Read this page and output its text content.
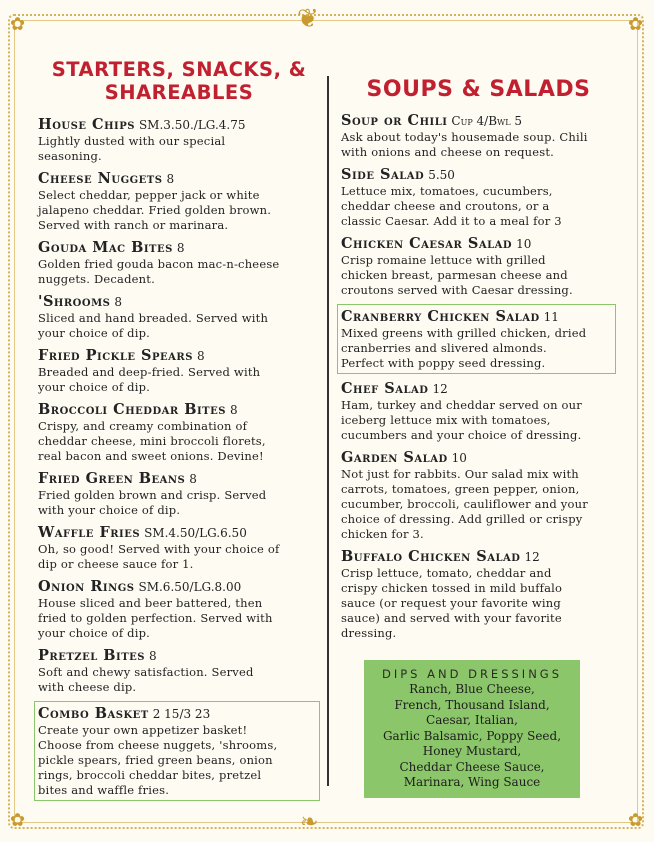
❦
❧
✿	✿
✿	✿
STARTERS, SNACKS, &
SHAREABLES
House Chips SM.3.50./LG.4.75
Lightly dusted with our special
seasoning.
Cheese Nuggets 8
Select cheddar, pepper jack or white
jalapeno cheddar. Fried golden brown.
Served with ranch or marinara.
Gouda Mac Bites 8
Golden fried gouda bacon mac-n-cheese
nuggets. Decadent.
'Shrooms 8
Sliced and hand breaded. Served with
your choice of dip.
Fried Pickle Spears 8
Breaded and deep-fried. Served with
your choice of dip.
Broccoli Cheddar Bites 8
Crispy, and creamy combination of
cheddar cheese, mini broccoli florets,
real bacon and sweet onions. Devine!
Fried Green Beans 8
Fried golden brown and crisp. Served
with your choice of dip.
Waffle Fries SM.4.50/LG.6.50
Oh, so good! Served with your choice of
dip or cheese sauce for 1.
Onion Rings SM.6.50/LG.8.00
House sliced and beer battered, then
fried to golden perfection. Served with
your choice of dip.
Pretzel Bites 8
Soft and chewy satisfaction. Served
with cheese dip.
Combo Basket 2 15/3 23
Create your own appetizer basket!
Choose from cheese nuggets, 'shrooms,
pickle spears, fried green beans, onion
rings, broccoli cheddar bites, pretzel
bites and waffle fries.
SOUPS & SALADS
Soup or Chili Cup 4/Bwl 5
Ask about today's housemade soup. Chili
with onions and cheese on request.
Side Salad 5.50
Lettuce mix, tomatoes, cucumbers,
cheddar cheese and croutons, or a
classic Caesar. Add it to a meal for 3
Chicken Caesar Salad 10
Crisp romaine lettuce with grilled
chicken breast, parmesan cheese and
croutons served with Caesar dressing.
Cranberry Chicken Salad 11
Mixed greens with grilled chicken, dried
cranberries and slivered almonds.
Perfect with poppy seed dressing.
Chef Salad 12
Ham, turkey and cheddar served on our
iceberg lettuce mix with tomatoes,
cucumbers and your choice of dressing.
Garden Salad 10
Not just for rabbits. Our salad mix with
carrots, tomatoes, green pepper, onion,
cucumber, broccoli, cauliflower and your
choice of dressing. Add grilled or crispy
chicken for 3.
Buffalo Chicken Salad 12
Crisp lettuce, tomato, cheddar and
crispy chicken tossed in mild buffalo
sauce (or request your favorite wing
sauce) and served with your favorite
dressing.
DIPS AND DRESSINGS
Ranch, Blue Cheese,
French, Thousand Island,
Caesar, Italian,
Garlic Balsamic, Poppy Seed,
Honey Mustard,
Cheddar Cheese Sauce,
Marinara, Wing Sauce
